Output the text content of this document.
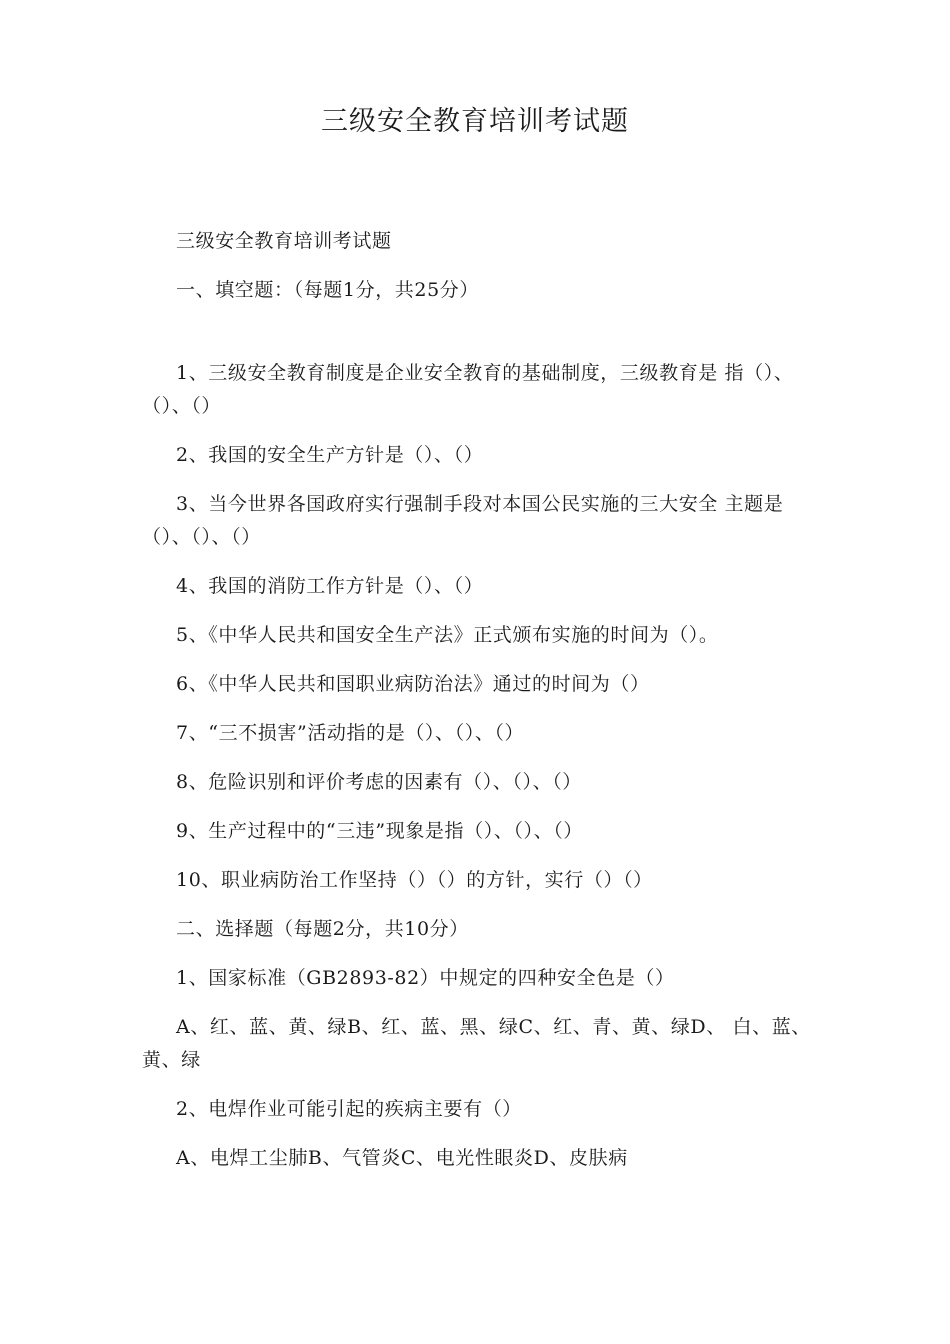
三级安全教育培训考试题

三级安全教育培训考试题

一、填空题：（每题1分，共25分）

1、三级安全教育制度是企业安全教育的基础制度，三级教育是 指（）、（）、（）

2、我国的安全生产方针是（）、（）

3、当今世界各国政府实行强制手段对本国公民实施的三大安全 主题是（）、（）、（）

4、我国的消防工作方针是（）、（）

5、《中华人民共和国安全生产法》正式颁布实施的时间为（）。

6、《中华人民共和国职业病防治法》通过的时间为（）

7、“三不损害”活动指的是（）、（）、（）

8、危险识别和评价考虑的因素有（）、（）、（）

9、生产过程中的“三违”现象是指（）、（）、（）

10、职业病防治工作坚持（）（）的方针，实行（）（）

二、选择题（每题2分，共10分）

1、国家标准（GB2893-82）中规定的四种安全色是（）

A、红、蓝、黄、绿B、红、蓝、黑、绿C、红、青、黄、绿D、 白、蓝、黄、绿

2、电焊作业可能引起的疾病主要有（）

A、电焊工尘肺B、气管炎C、电光性眼炎D、皮肤病
